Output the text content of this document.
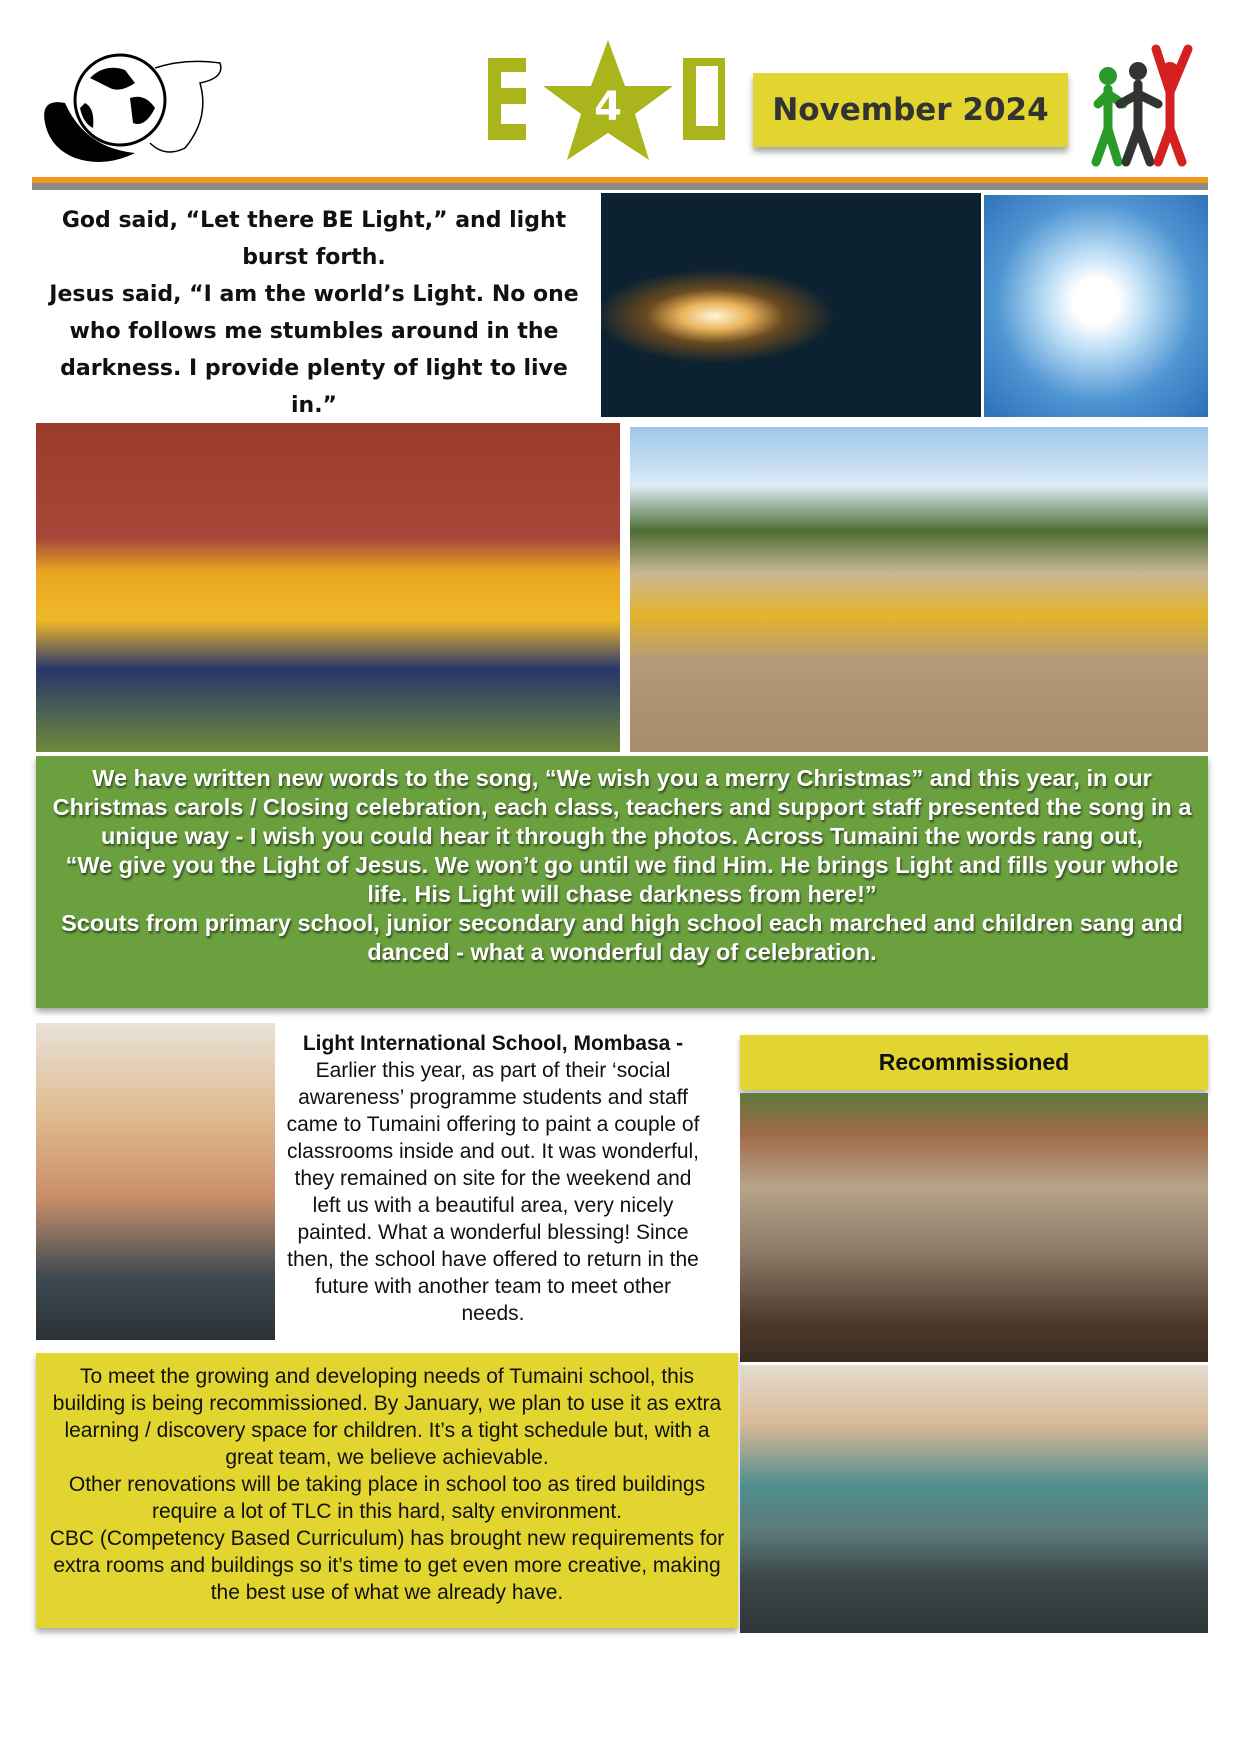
4	November 2024
God said, “Let there BE Light,” and light burst forth.
Jesus said, “I am the world’s Light. No one who follows me stumbles around in the darkness. I provide plenty of light to live in.”
We have written new words to the song, “We wish you a merry Christmas” and this year, in our Christmas carols / Closing celebration, each class, teachers and support staff presented the song in a unique way - I wish you could hear it through the photos. Across Tumaini the words rang out,
“We give you the Light of Jesus. We won’t go until we find Him. He brings Light and fills your whole life. His Light will chase darkness from here!”
Scouts from primary school, junior secondary and high school each marched and children sang and danced - what a wonderful day of celebration.
Light International School, Mombasa - Earlier this year, as part of their ‘social awareness’ programme students and staff came to Tumaini offering to paint a couple of classrooms inside and out. It was wonderful, they remained on site for the weekend and left us with a beautiful area, very nicely painted. What a wonderful blessing! Since then, the school have offered to return in the future with another team to meet other needs.
Recommissioned
To meet the growing and developing needs of Tumaini school, this building is being recommissioned. By January, we plan to use it as extra learning / discovery space for children. It’s a tight schedule but, with a great team, we believe achievable.
Other renovations will be taking place in school too as tired buildings require a lot of TLC in this hard, salty environment.
CBC (Competency Based Curriculum) has brought new requirements for extra rooms and buildings so it’s time to get even more creative, making the best use of what we already have.
